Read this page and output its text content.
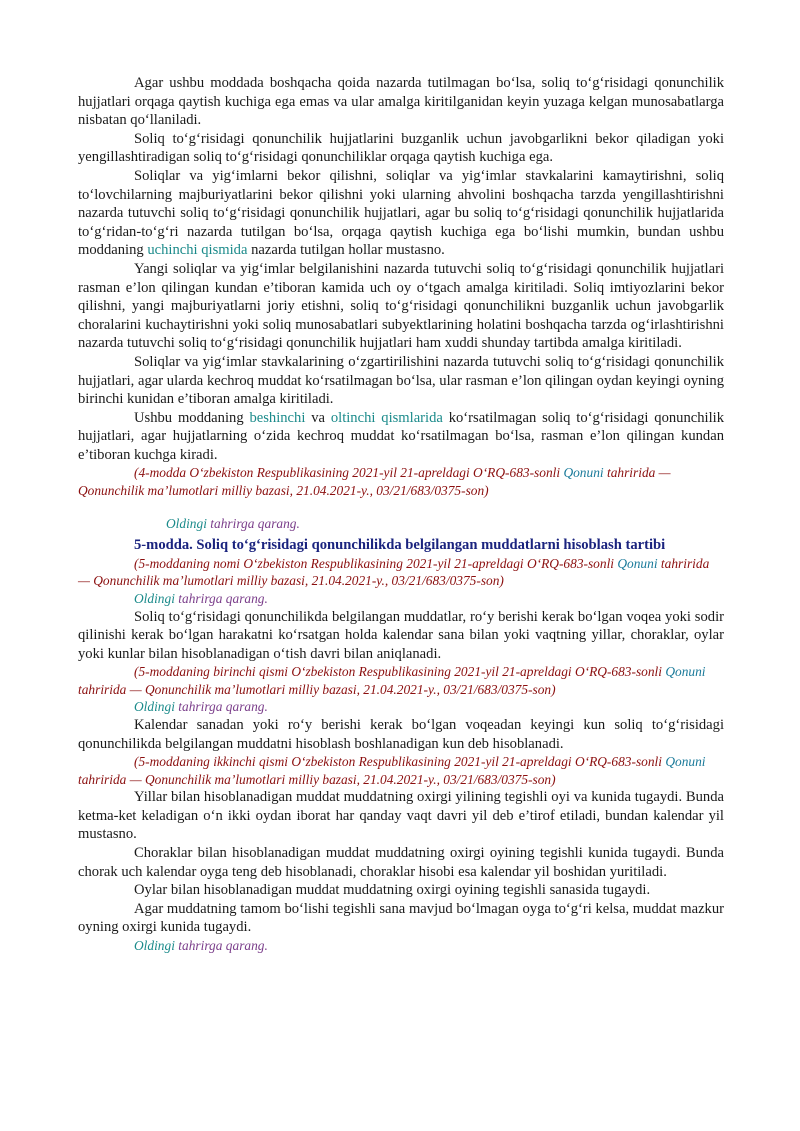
Agar ushbu moddada boshqacha qoida nazarda tutilmagan bo‘lsa, soliq to‘g‘risidagi qonunchilik hujjatlari orqaga qaytish kuchiga ega emas va ular amalga kiritilganidan keyin yuzaga kelgan munosabatlarga nisbatan qo‘llaniladi.

Soliq to‘g‘risidagi qonunchilik hujjatlarini buzganlik uchun javobgarlikni bekor qiladigan yoki yengillashtiradigan soliq to‘g‘risidagi qonunchiliklar orqaga qaytish kuchiga ega.

Soliqlar va yig‘imlarni bekor qilishni, soliqlar va yig‘imlar stavkalarini kamaytirishni, soliq to‘lovchilarning majburiyatlarini bekor qilishni yoki ularning ahvolini boshqacha tarzda yengillashtirishni nazarda tutuvchi soliq to‘g‘risidagi qonunchilik hujjatlari, agar bu soliq to‘g‘risidagi qonunchilik hujjatlarida to‘g‘ridan-to‘g‘ri nazarda tutilgan bo‘lsa, orqaga qaytish kuchiga ega bo‘lishi mumkin, bundan ushbu moddaning uchinchi qismida nazarda tutilgan hollar mustasno.

Yangi soliqlar va yig‘imlar belgilanishini nazarda tutuvchi soliq to‘g‘risidagi qonunchilik hujjatlari rasman e’lon qilingan kundan e’tiboran kamida uch oy o‘tgach amalga kiritiladi. Soliq imtiyozlarini bekor qilishni, yangi majburiyatlarni joriy etishni, soliq to‘g‘risidagi qonunchilikni buzganlik uchun javobgarlik choralarini kuchaytirishni yoki soliq munosabatlari subyektlarining holatini boshqacha tarzda og‘irlashtirishni nazarda tutuvchi soliq to‘g‘risidagi qonunchilik hujjatlari ham xuddi shunday tartibda amalga kiritiladi.

Soliqlar va yig‘imlar stavkalarining o‘zgartirilishini nazarda tutuvchi soliq to‘g‘risidagi qonunchilik hujjatlari, agar ularda kechroq muddat ko‘rsatilmagan bo‘lsa, ular rasman e’lon qilingan oydan keyingi oyning birinchi kunidan e’tiboran amalga kiritiladi.

Ushbu moddaning beshinchi va oltinchi qismlarida ko‘rsatilmagan soliq to‘g‘risidagi qonunchilik hujjatlari, agar hujjatlarning o‘zida kechroq muddat ko‘rsatilmagan bo‘lsa, rasman e’lon qilingan kundan e’tiboran kuchga kiradi.

(4-modda O‘zbekiston Respublikasining 2021-yil 21-apreldagi O‘RQ-683-sonli Qonuni tahririda — Qonunchilik ma’lumotlari milliy bazasi, 21.04.2021-y., 03/21/683/0375-son)

Oldingi tahrirga qarang.

5-modda. Soliq to‘g‘risidagi qonunchilikda belgilangan muddatlarni hisoblash tartibi

(5-moddaning nomi O‘zbekiston Respublikasining 2021-yil 21-apreldagi O‘RQ-683-sonli Qonuni tahririda — Qonunchilik ma’lumotlari milliy bazasi, 21.04.2021-y., 03/21/683/0375-son)

Oldingi tahrirga qarang.

Soliq to‘g‘risidagi qonunchilikda belgilangan muddatlar, ro‘y berishi kerak bo‘lgan voqea yoki sodir qilinishi kerak bo‘lgan harakatni ko‘rsatgan holda kalendar sana bilan yoki vaqtning yillar, choraklar, oylar yoki kunlar bilan hisoblanadigan o‘tish davri bilan aniqlanadi.

(5-moddaning birinchi qismi O‘zbekiston Respublikasining 2021-yil 21-apreldagi O‘RQ-683-sonli Qonuni tahririda — Qonunchilik ma’lumotlari milliy bazasi, 21.04.2021-y., 03/21/683/0375-son)

Oldingi tahrirga qarang.

Kalendar sanadan yoki ro‘y berishi kerak bo‘lgan voqeadan keyingi kun soliq to‘g‘risidagi qonunchilikda belgilangan muddatni hisoblash boshlanadigan kun deb hisoblanadi.

(5-moddaning ikkinchi qismi O‘zbekiston Respublikasining 2021-yil 21-apreldagi O‘RQ-683-sonli Qonuni tahririda — Qonunchilik ma’lumotlari milliy bazasi, 21.04.2021-y., 03/21/683/0375-son)

Yillar bilan hisoblanadigan muddat muddatning oxirgi yilining tegishli oyi va kunida tugaydi. Bunda ketma-ket keladigan o‘n ikki oydan iborat har qanday vaqt davri yil deb e’tirof etiladi, bundan kalendar yil mustasno.

Choraklar bilan hisoblanadigan muddat muddatning oxirgi oyining tegishli kunida tugaydi. Bunda chorak uch kalendar oyga teng deb hisoblanadi, choraklar hisobi esa kalendar yil boshidan yuritiladi.

Oylar bilan hisoblanadigan muddat muddatning oxirgi oyining tegishli sanasida tugaydi.

Agar muddatning tamom bo‘lishi tegishli sana mavjud bo‘lmagan oyga to‘g‘ri kelsa, muddat mazkur oyning oxirgi kunida tugaydi.

Oldingi tahrirga qarang.
